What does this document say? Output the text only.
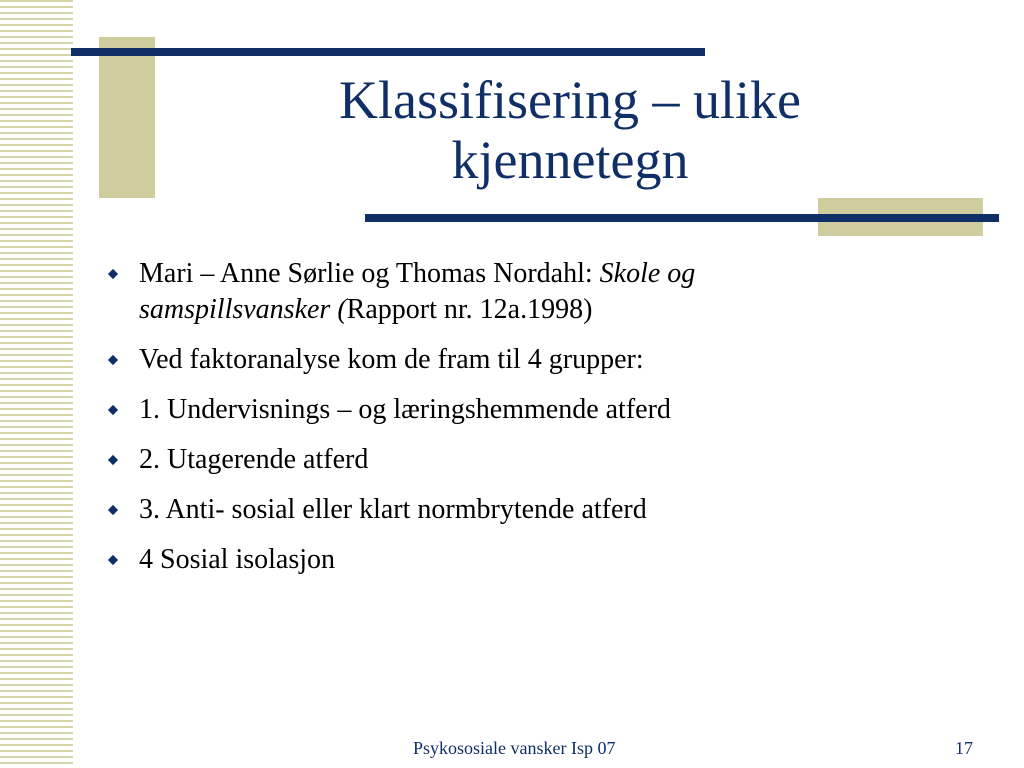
Klassifisering – ulike
kjennetegn
Mari – Anne Sørlie og Thomas Nordahl: Skole og samspillsvansker (Rapport nr. 12a.1998)
Ved faktoranalyse kom de fram til 4 grupper:
1. Undervisnings – og læringshemmende atferd
2. Utagerende atferd
3. Anti- sosial eller klart normbrytende atferd
4 Sosial isolasjon
Psykososiale vansker Isp 07	17
